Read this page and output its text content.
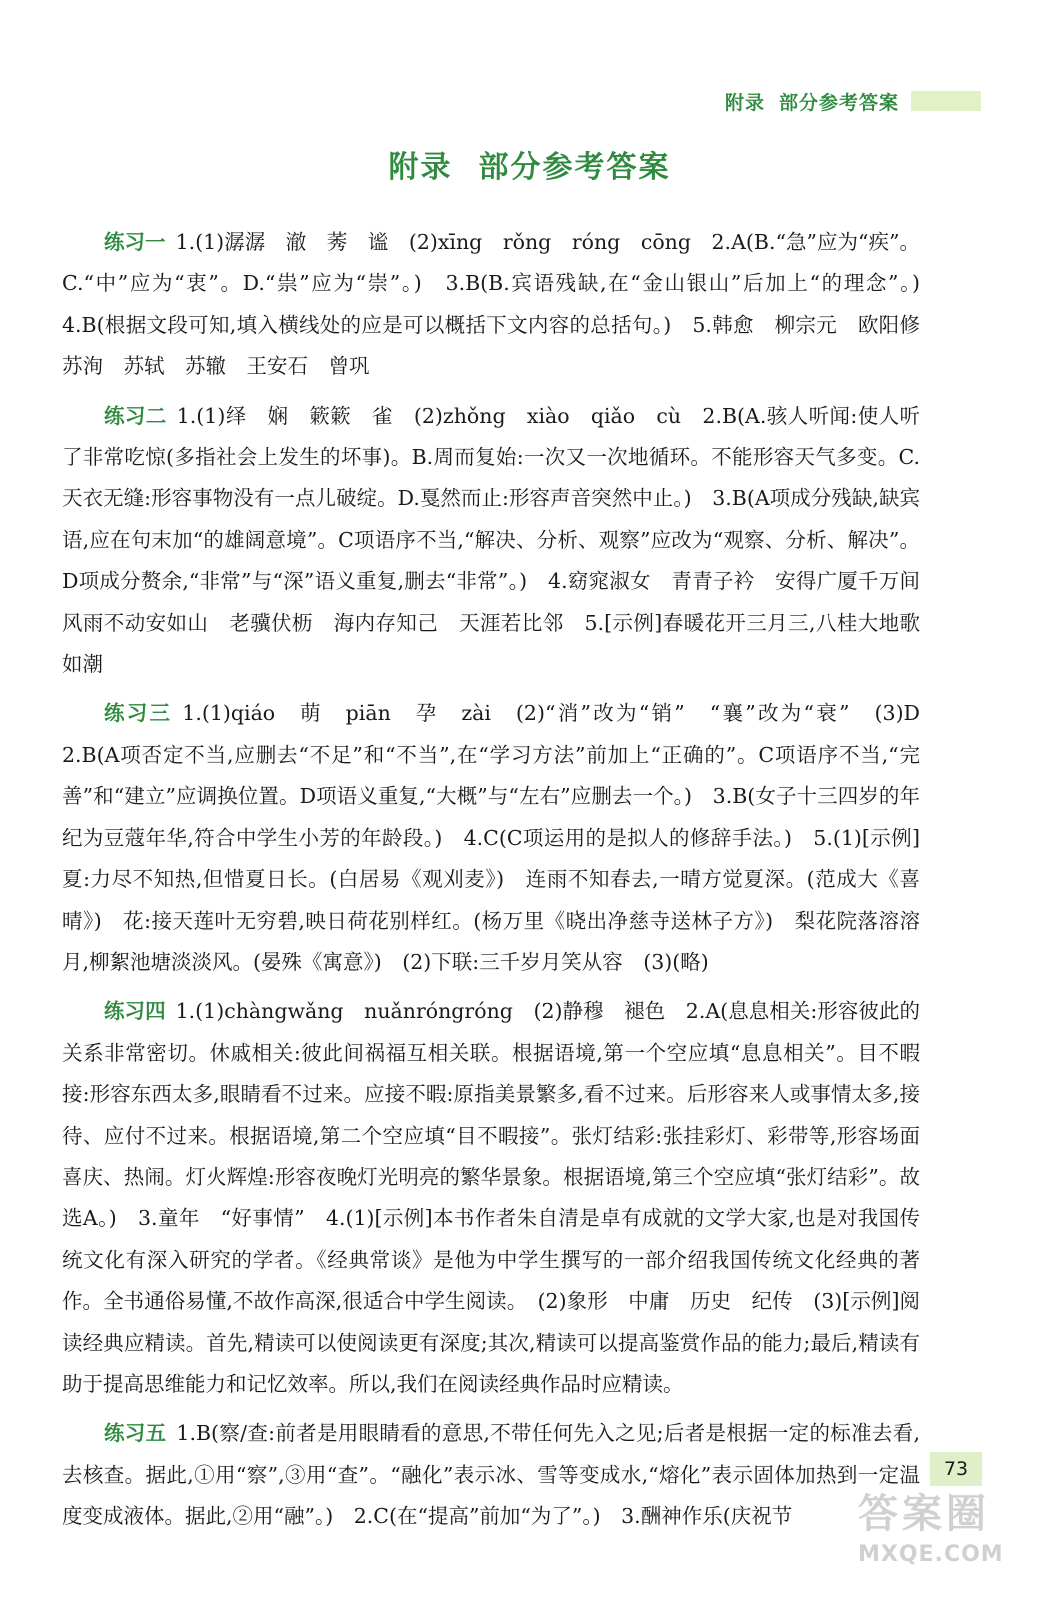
附录 部分参考答案
附录 部分参考答案

练习一 1.(1)潺潺　澈　莠　谧　(2)xīng　rǒng　róng　cōng　2.A(B.“急”应为“疾”。C.“中”应为“衷”。D.“祟”应为“崇”。)　3.B(B.宾语残缺,在“金山银山”后加上“的理念”。)　4.B(根据文段可知,填入横线处的应是可以概括下文内容的总括句。)　5.韩愈　柳宗元　欧阳修　苏洵　苏轼　苏辙　王安石　曾巩

练习二 1.(1)绎　娴　簌簌　雀　(2)zhǒng　xiào　qiǎo　cù　2.B(A.骇人听闻:使人听了非常吃惊(多指社会上发生的坏事)。B.周而复始:一次又一次地循环。不能形容天气多变。C.天衣无缝:形容事物没有一点儿破绽。D.戛然而止:形容声音突然中止。)　3.B(A项成分残缺,缺宾语,应在句末加“的雄阔意境”。C项语序不当,“解决、分析、观察”应改为“观察、分析、解决”。D项成分赘余,“非常”与“深”语义重复,删去“非常”。)　4.窈窕淑女　青青子衿　安得广厦千万间　风雨不动安如山　老骥伏枥　海内存知己　天涯若比邻　5.[示例]春暖花开三月三,八桂大地歌如潮

练习三 1.(1)qiáo　萌　piān　孕　zài　(2)“消”改为“销”　“襄”改为“衰”　(3)D　2.B(A项否定不当,应删去“不足”和“不当”,在“学习方法”前加上“正确的”。C项语序不当,“完善”和“建立”应调换位置。D项语义重复,“大概”与“左右”应删去一个。)　3.B(女子十三四岁的年纪为豆蔻年华,符合中学生小芳的年龄段。)　4.C(C项运用的是拟人的修辞手法。)　5.(1)[示例]夏:力尽不知热,但惜夏日长。(白居易《观刈麦》)　连雨不知春去,一晴方觉夏深。(范成大《喜晴》)　花:接天莲叶无穷碧,映日荷花别样红。(杨万里《晓出净慈寺送林子方》)　梨花院落溶溶月,柳絮池塘淡淡风。(晏殊《寓意》)　(2)下联:三千岁月笑从容　(3)(略)

练习四 1.(1)chàngwǎng　nuǎnróngróng　(2)静穆　褪色　2.A(息息相关:形容彼此的关系非常密切。休戚相关:彼此间祸福互相关联。根据语境,第一个空应填“息息相关”。目不暇接:形容东西太多,眼睛看不过来。应接不暇:原指美景繁多,看不过来。后形容来人或事情太多,接待、应付不过来。根据语境,第二个空应填“目不暇接”。张灯结彩:张挂彩灯、彩带等,形容场面喜庆、热闹。灯火辉煌:形容夜晚灯光明亮的繁华景象。根据语境,第三个空应填“张灯结彩”。故选A。)　3.童年　“好事情”　4.(1)[示例]本书作者朱自清是卓有成就的文学大家,也是对我国传统文化有深入研究的学者。《经典常谈》是他为中学生撰写的一部介绍我国传统文化经典的著作。全书通俗易懂,不故作高深,很适合中学生阅读。　(2)象形　中庸　历史　纪传　(3)[示例]阅读经典应精读。首先,精读可以使阅读更有深度;其次,精读可以提高鉴赏作品的能力;最后,精读有助于提高思维能力和记忆效率。所以,我们在阅读经典作品时应精读。

练习五 1.B(察/查:前者是用眼睛看的意思,不带任何先入之见;后者是根据一定的标准去看,去核查。据此,①用“察”,③用“查”。“融化”表示冰、雪等变成水,“熔化”表示固体加热到一定温度变成液体。据此,②用“融”。)　2.C(在“提高”前加“为了”。)　3.酬神作乐(庆祝节

73
答案圈
MXQE.COM
